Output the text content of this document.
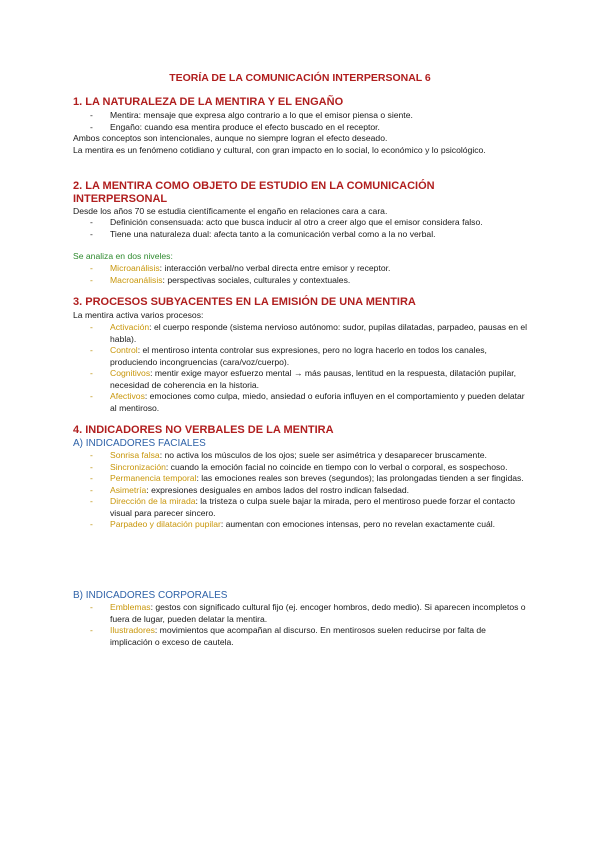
TEORÍA DE LA COMUNICACIÓN INTERPERSONAL 6
1. LA NATURALEZA DE LA MENTIRA Y EL ENGAÑO
- Mentira: mensaje que expresa algo contrario a lo que el emisor piensa o siente.
- Engaño: cuando esa mentira produce el efecto buscado en el receptor.
Ambos conceptos son intencionales, aunque no siempre logran el efecto deseado.
La mentira es un fenómeno cotidiano y cultural, con gran impacto en lo social, lo económico y lo psicológico.
2. LA MENTIRA COMO OBJETO DE ESTUDIO EN LA COMUNICACIÓN
INTERPERSONAL
Desde los años 70 se estudia científicamente el engaño en relaciones cara a cara.
- Definición consensuada: acto que busca inducir al otro a creer algo que el emisor considera falso.
- Tiene una naturaleza dual: afecta tanto a la comunicación verbal como a la no verbal.
Se analiza en dos niveles:
- Microanálisis: interacción verbal/no verbal directa entre emisor y receptor.
- Macroanálisis: perspectivas sociales, culturales y contextuales.
3. PROCESOS SUBYACENTES EN LA EMISIÓN DE UNA MENTIRA
La mentira activa varios procesos:
- Activación: el cuerpo responde (sistema nervioso autónomo: sudor, pupilas dilatadas, parpadeo, pausas en el habla).
- Control: el mentiroso intenta controlar sus expresiones, pero no logra hacerlo en todos los canales, produciendo incongruencias (cara/voz/cuerpo).
- Cognitivos: mentir exige mayor esfuerzo mental → más pausas, lentitud en la respuesta, dilatación pupilar, necesidad de coherencia en la historia.
- Afectivos: emociones como culpa, miedo, ansiedad o euforia influyen en el comportamiento y pueden delatar al mentiroso.
4. INDICADORES NO VERBALES DE LA MENTIRA
A) INDICADORES FACIALES
- Sonrisa falsa: no activa los músculos de los ojos; suele ser asimétrica y desaparecer bruscamente.
- Sincronización: cuando la emoción facial no coincide en tiempo con lo verbal o corporal, es sospechoso.
- Permanencia temporal: las emociones reales son breves (segundos); las prolongadas tienden a ser fingidas.
- Asimetría: expresiones desiguales en ambos lados del rostro indican falsedad.
- Dirección de la mirada: la tristeza o culpa suele bajar la mirada, pero el mentiroso puede forzar el contacto visual para parecer sincero.
- Parpadeo y dilatación pupilar: aumentan con emociones intensas, pero no revelan exactamente cuál.
B) INDICADORES CORPORALES
- Emblemas: gestos con significado cultural fijo (ej. encoger hombros, dedo medio). Si aparecen incompletos o fuera de lugar, pueden delatar la mentira.
- Ilustradores: movimientos que acompañan al discurso. En mentirosos suelen reducirse por falta de implicación o exceso de cautela.
